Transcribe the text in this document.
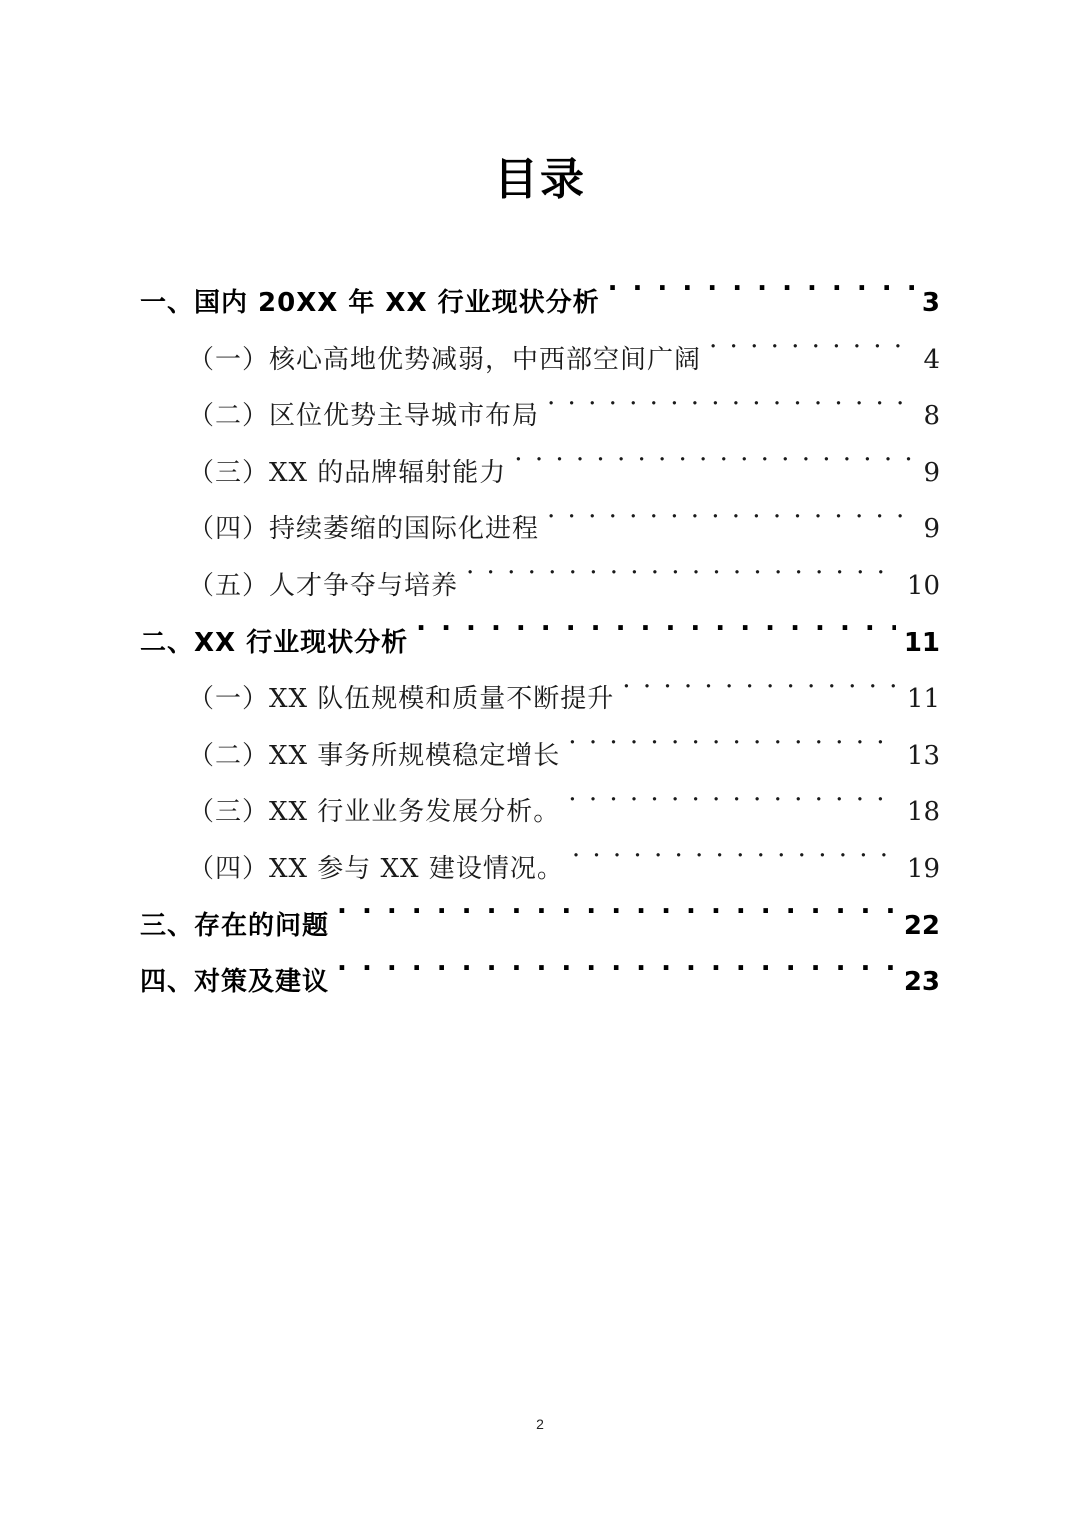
目录
一、国内 20XX 年 XX 行业现状分析 . . .	3
（一）核心高地优势减弱，中西部空间广阔 . . .	4
（二）区位优势主导城市布局 . . .	8
（三）XX 的品牌辐射能力 . . .	9
（四）持续萎缩的国际化进程 . . .	9
（五）人才争夺与培养 . . .	10
二、XX 行业现状分析 . . .	11
（一）XX 队伍规模和质量不断提升 . . .	11
（二）XX 事务所规模稳定增长 . . .	13
（三）XX 行业业务发展分析。 . . .	18
（四）XX 参与 XX 建设情况。 . . .	19
三、存在的问题 . . .	22
四、对策及建议 . . .	23
2
